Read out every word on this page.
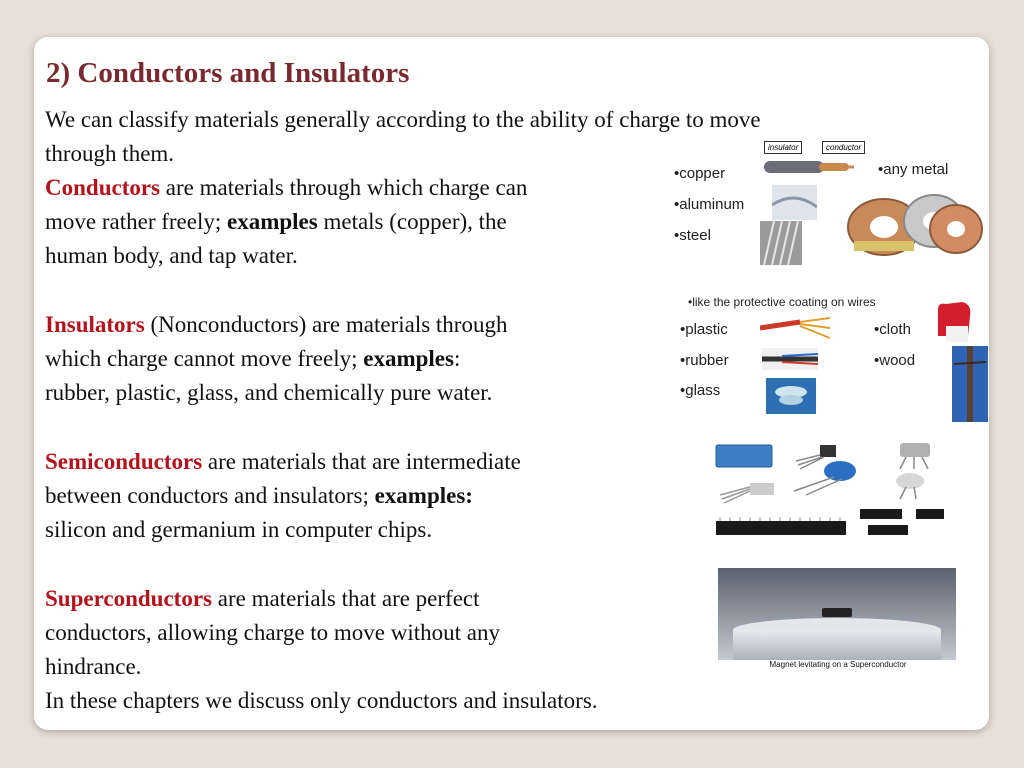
2) Conductors and Insulators
We can classify materials generally according to the ability of charge to move
through them.
Conductors are materials through which charge can
move rather freely; examples metals (copper), the
human body, and tap water.
Insulators (Nonconductors) are materials through
which charge cannot move freely; examples:
rubber, plastic, glass, and chemically pure water.
Semiconductors are materials that are intermediate
between conductors and insulators; examples:
silicon and germanium in computer chips.
Superconductors are materials that are perfect
conductors, allowing charge to move without any
hindrance.
In these chapters we discuss only conductors and insulators.
insulator	conductor
•copper
•aluminum
•steel
•any metal
•like the protective coating on wires
•plastic
•rubber
•glass
•cloth
•wood
Magnet levitating on a Superconductor
